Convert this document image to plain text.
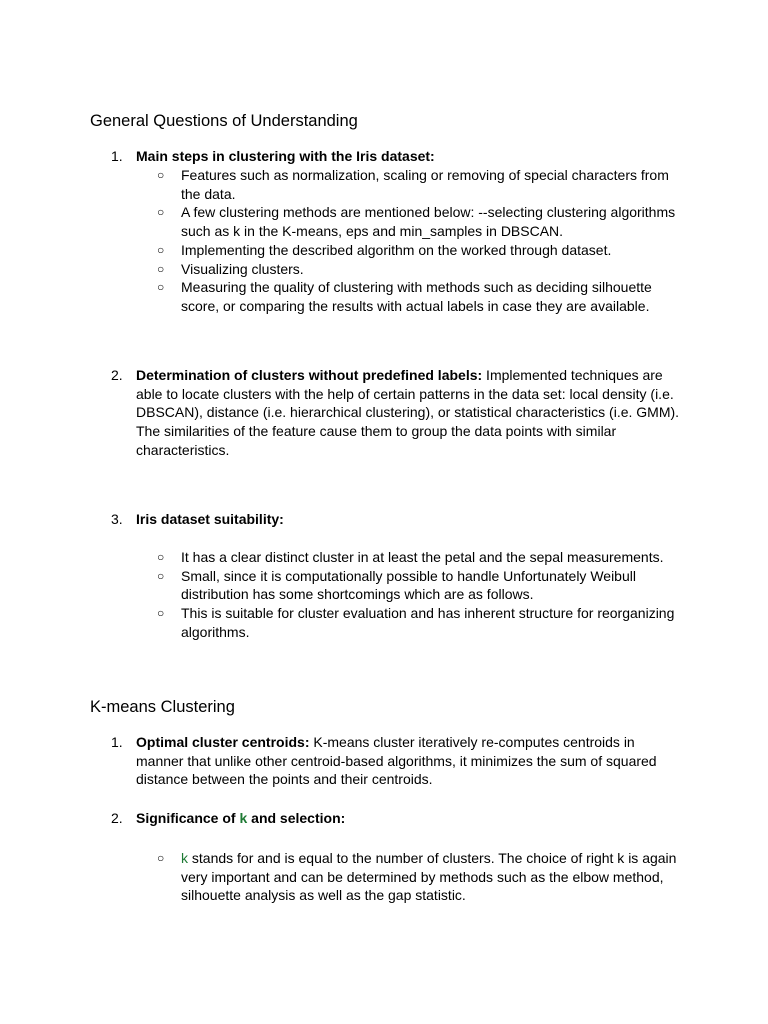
General Questions of Understanding
1. Main steps in clustering with the Iris dataset:
○ Features such as normalization, scaling or removing of special characters from the data.
○ A few clustering methods are mentioned below: --selecting clustering algorithms such as k in the K-means, eps and min_samples in DBSCAN.
○ Implementing the described algorithm on the worked through dataset.
○ Visualizing clusters.
○ Measuring the quality of clustering with methods such as deciding silhouette score, or comparing the results with actual labels in case they are available.
2. Determination of clusters without predefined labels: Implemented techniques are able to locate clusters with the help of certain patterns in the data set: local density (i.e. DBSCAN), distance (i.e. hierarchical clustering), or statistical characteristics (i.e. GMM). The similarities of the feature cause them to group the data points with similar characteristics.
3. Iris dataset suitability:
○ It has a clear distinct cluster in at least the petal and the sepal measurements.
○ Small, since it is computationally possible to handle Unfortunately Weibull distribution has some shortcomings which are as follows.
○ This is suitable for cluster evaluation and has inherent structure for reorganizing algorithms.
K-means Clustering
1. Optimal cluster centroids: K-means cluster iteratively re-computes centroids in manner that unlike other centroid-based algorithms, it minimizes the sum of squared distance between the points and their centroids.
2. Significance of k and selection:
○ k stands for and is equal to the number of clusters. The choice of right k is again very important and can be determined by methods such as the elbow method, silhouette analysis as well as the gap statistic.
